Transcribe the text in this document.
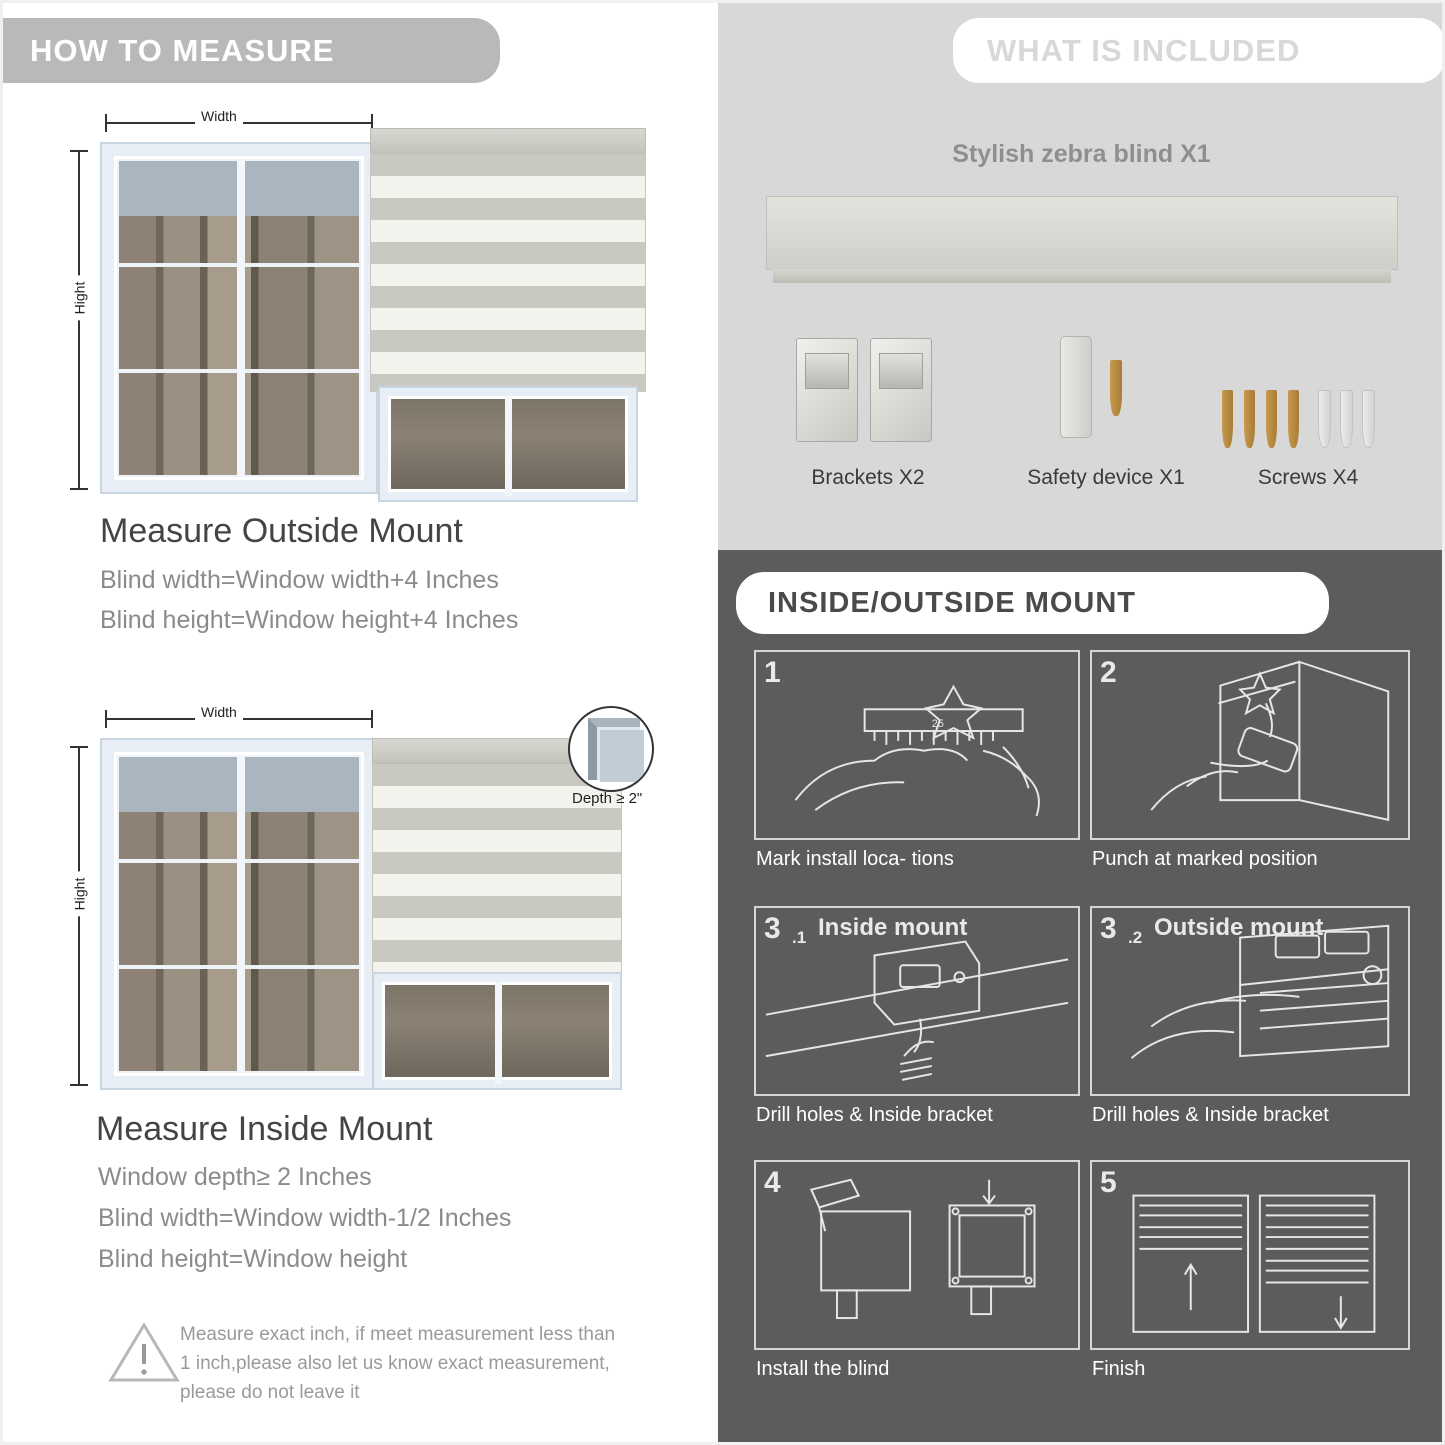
HOW TO MEASURE
Width
Hight
Measure Outside Mount
Blind width=Window width+4 Inches
Blind height=Window height+4 Inches
Width
Hight
Depth ≥ 2"
Measure Inside Mount
Window depth≥ 2 Inches
Blind width=Window width-1/2 Inches
Blind height=Window height
Measure exact inch, if meet measurement less than 1 inch,please also let us know exact measurement, please do not leave it
WHAT IS INCLUDED
Stylish zebra blind X1
Brackets X2	Safety device X1	Screws X4
INSIDE/OUTSIDE MOUNT
1
25
Mark install loca- tions
2
Punch at marked position
3 .1 Inside mount
Drill holes & Inside bracket
3 .2 Outside mount
Drill holes & Inside bracket
4
Install the blind
5
Finish
